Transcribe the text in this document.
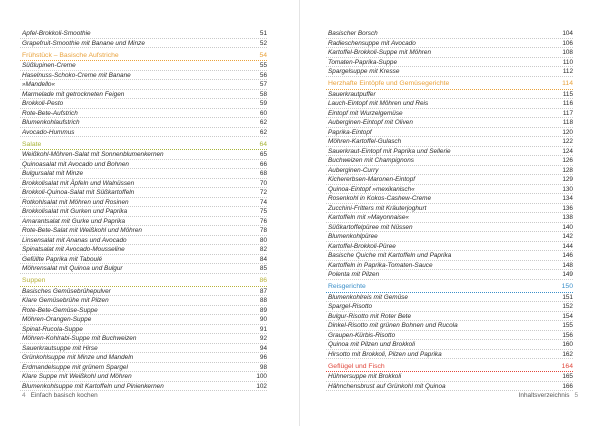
Apfel-Brokkoli-Smoothie	51
Grapefruit-Smoothie mit Banane und Minze	52
Frühstück – Basische Aufstriche	54
Süßlupinen-Creme	55
Haselnuss-Schoko-Creme mit Banane	56
»Mandello«	57
Marmelade mit getrockneten Feigen	58
Brokkoli-Pesto	59
Rote-Bete-Aufstrich	60
Blumenkohlaufstrich	62
Avocado-Hummus	62
Salate	64
Weißkohl-Möhren-Salat mit Sonnenblumenkernen	65
Quinoasalat mit Avocado und Bohnen	66
Bulgursalat mit Minze	68
Brokkolisalat mit Äpfeln und Walnüssen	70
Brokkoli-Quinoa-Salat mit Süßkartoffeln	72
Rotkohlsalat mit Möhren und Rosinen	74
Brokkolisalat mit Gurken und Paprika	75
Amarantsalat mit Gurke und Paprika	76
Rote-Bete-Salat mit Weißkohl und Möhren	78
Linsensalat mit Ananas und Avocado	80
Spinatsalat mit Avocado-Mousseline	82
Gefüllte Paprika mit Taboulé	84
Möhrensalat mit Quinoa und Bulgur	85
Suppen	86
Basisches Gemüsebrühepulver	87
Klare Gemüsebrühe mit Pilzen	88
Rote-Bete-Gemüse-Suppe	89
Möhren-Orangen-Suppe	90
Spinat-Rucola-Suppe	91
Möhren-Kohlrabi-Suppe mit Buchweizen	92
Sauerkrautsuppe mit Hirse	94
Grünkohlsuppe mit Minze und Mandeln	96
Erdmandelsuppe mit grünem Spargel	98
Klare Suppe mit Weißkohl und Möhren	100
Blumenkohlsuppe mit Kartoffeln und Pinienkernen	102
Basischer Borsch	104
Radieschensuppe mit Avocado	106
Kartoffel-Brokkoli-Suppe mit Möhren	108
Tomaten-Paprika-Suppe	110
Spargelsuppe mit Kresse	112
Herzhafte Eintöpfe und Gemüsegerichte	114
Sauerkrautpuffer	115
Lauch-Eintopf mit Möhren und Reis	116
Eintopf mit Wurzelgemüse	117
Auberginen-Eintopf mit Oliven	118
Paprika-Eintopf	120
Möhren-Kartoffel-Gulasch	122
Sauerkraut-Eintopf mit Paprika und Sellerie	124
Buchweizen mit Champignons	126
Auberginen-Curry	128
Kichererbsen-Maronen-Eintopf	129
Quinoa-Eintopf »mexikanisch«	130
Rosenkohl in Kokos-Cashew-Creme	134
Zucchini-Fritters mit Kräuterjoghurt	136
Kartoffeln mit »Mayonnaise«	138
Süßkartoffelpüree mit Nüssen	140
Blumenkohlpüree	142
Kartoffel-Brokkoli-Püree	144
Basische Quiche mit Kartoffeln und Paprika	146
Kartoffeln in Paprika-Tomaten-Sauce	148
Polenta mit Pilzen	149
Reisgerichte	150
Blumenkohlreis mit Gemüse	151
Spargel-Risotto	152
Bulgur-Risotto mit Roter Bete	154
Dinkel-Risotto mit grünen Bohnen und Rucola	155
Graupen-Kürbis-Risotto	156
Quinoa mit Pilzen und Brokkoli	160
Hirsotto mit Brokkoli, Pilzen und Paprika	162
Geflügel und Fisch	164
Hühnersuppe mit Brokkoli	165
Hähnchensbrust auf Grünkohl mit Quinoa	166
4 Einfach basisch kochen	Inhaltsverzeichnis 5
